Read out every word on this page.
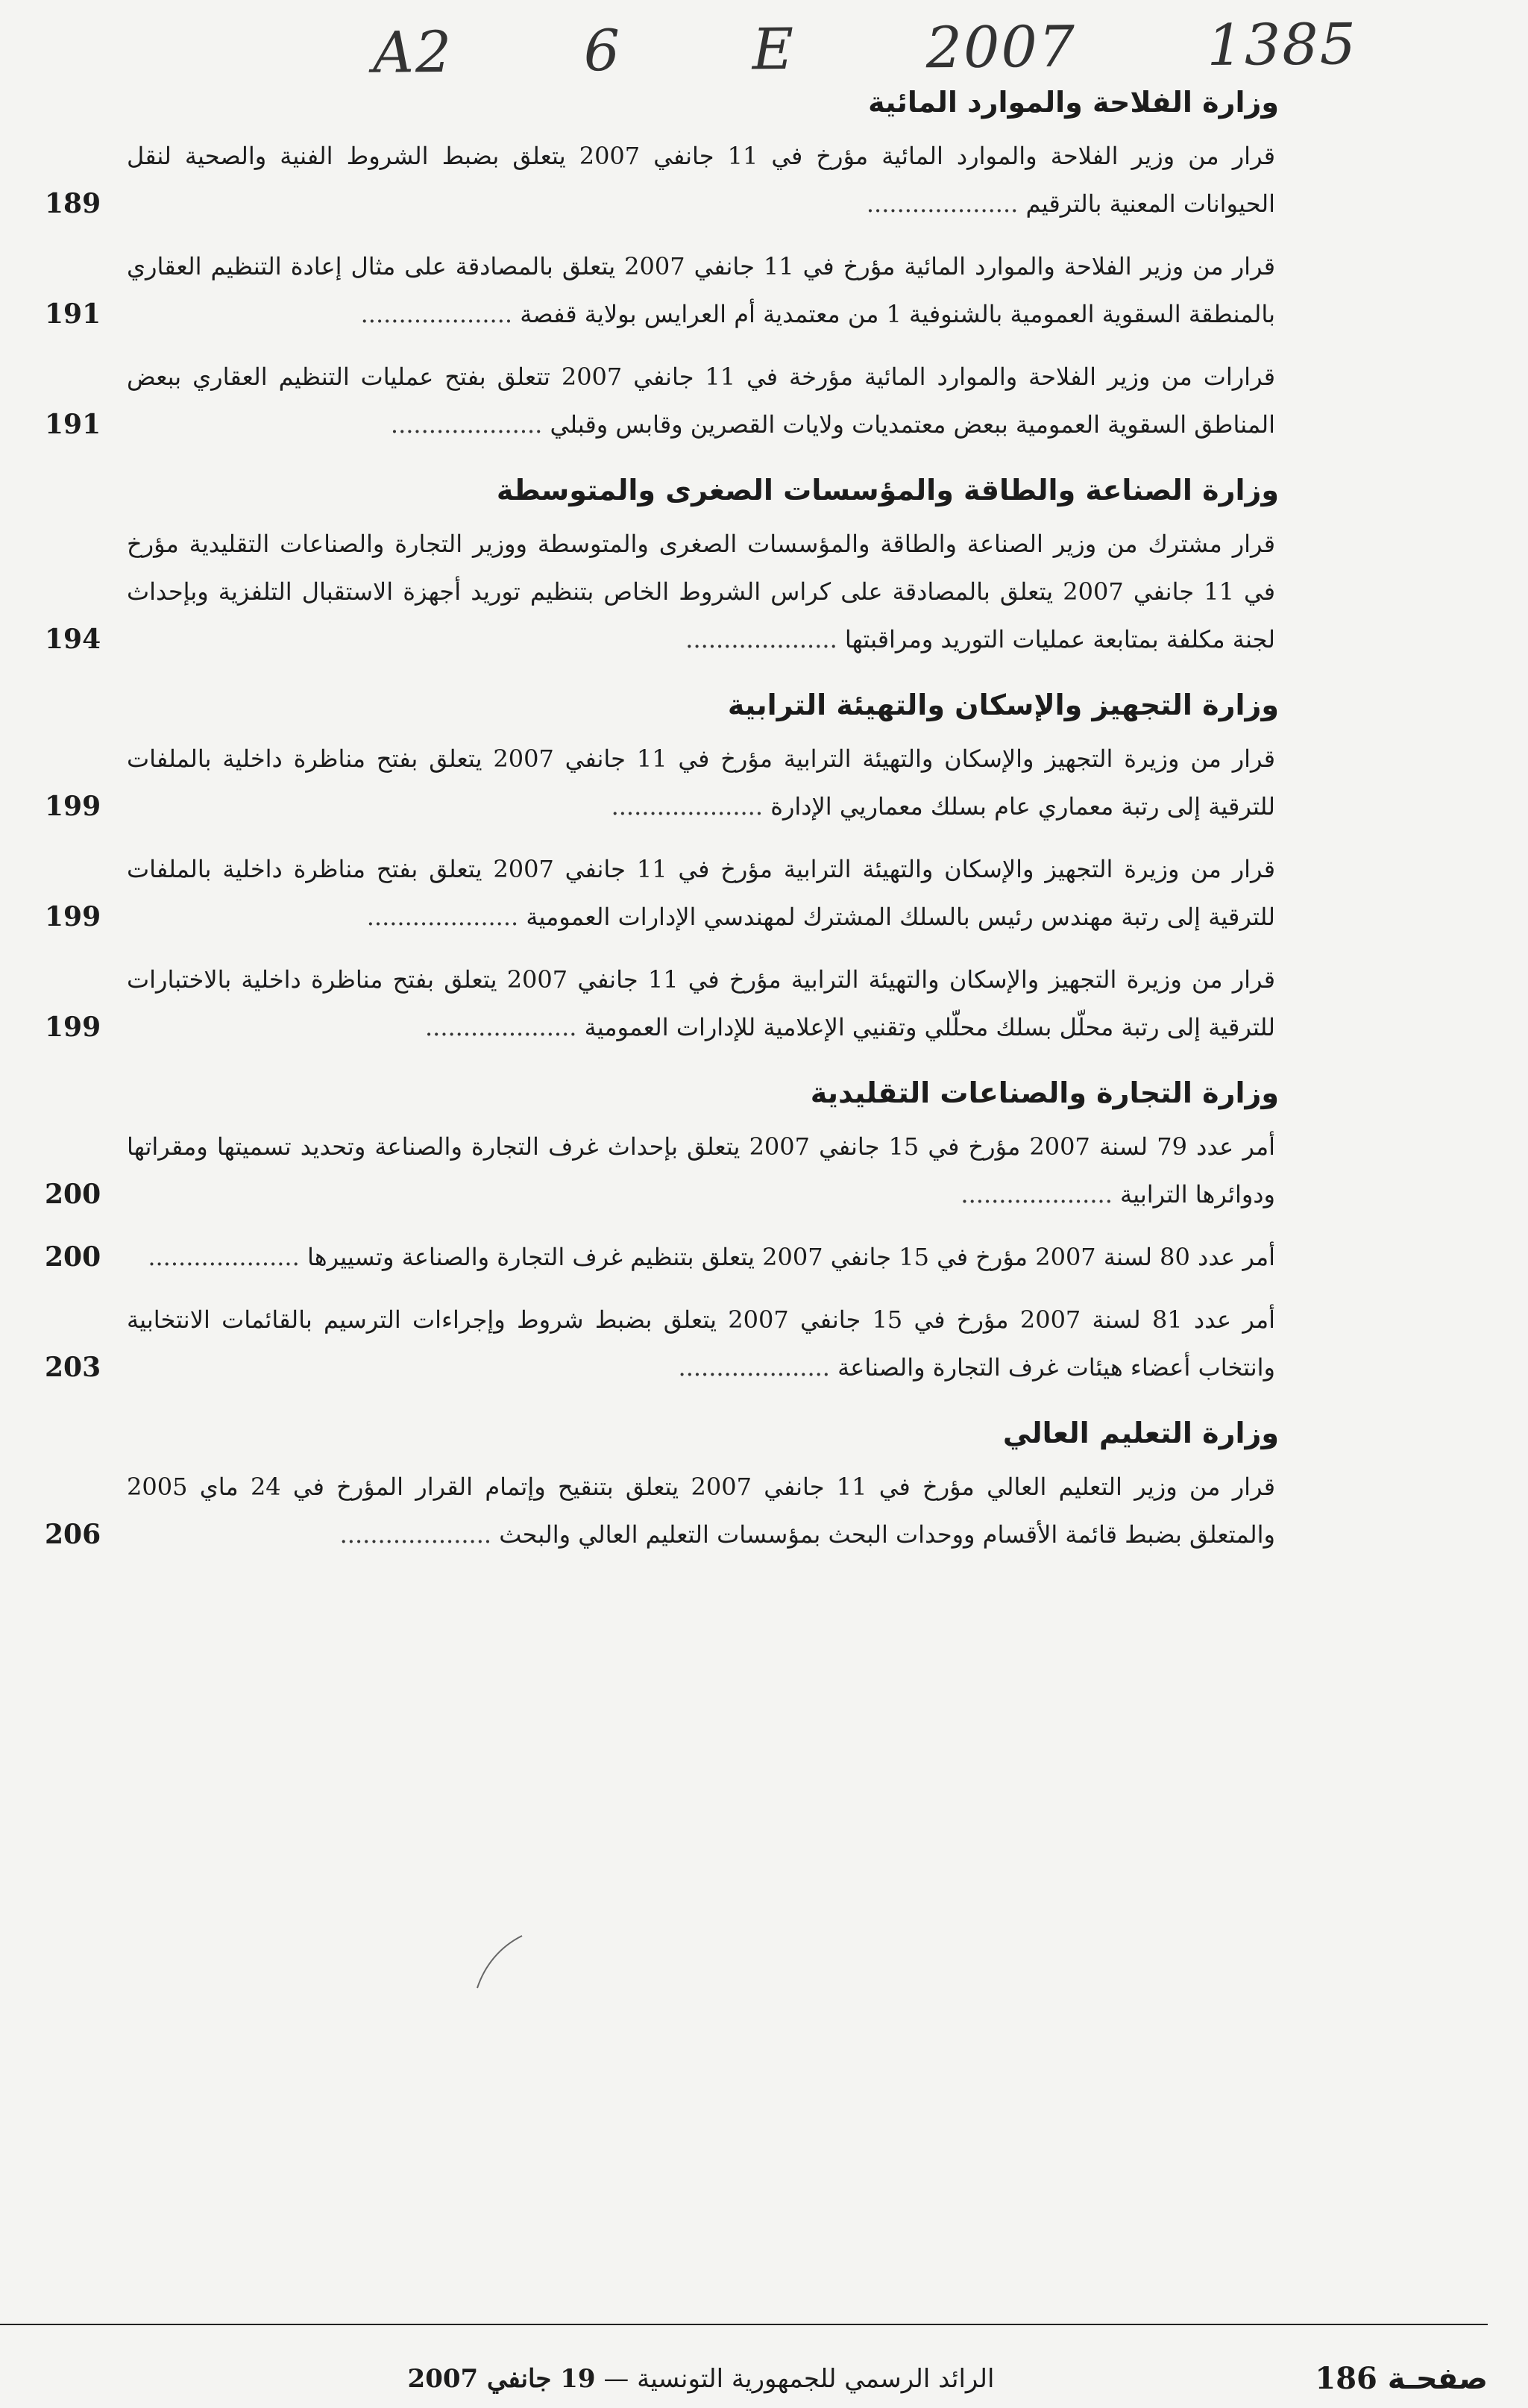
A2 6 E 2007 1385
وزارة الفلاحة والموارد المائية
قرار من وزير الفلاحة والموارد المائية مؤرخ في 11 جانفي 2007 يتعلق بضبط الشروط الفنية والصحية لنقل الحيوانات المعنية بالترقيم ....................
189
قرار من وزير الفلاحة والموارد المائية مؤرخ في 11 جانفي 2007 يتعلق بالمصادقة على مثال إعادة التنظيم العقاري بالمنطقة السقوية العمومية بالشنوفية 1 من معتمدية أم العرايس بولاية قفصة ....................
191
قرارات من وزير الفلاحة والموارد المائية مؤرخة في 11 جانفي 2007 تتعلق بفتح عمليات التنظيم العقاري ببعض المناطق السقوية العمومية ببعض معتمديات ولايات القصرين وقابس وقبلي ....................
191
وزارة الصناعة والطاقة والمؤسسات الصغرى والمتوسطة
قرار مشترك من وزير الصناعة والطاقة والمؤسسات الصغرى والمتوسطة ووزير التجارة والصناعات التقليدية مؤرخ في 11 جانفي 2007 يتعلق بالمصادقة على كراس الشروط الخاص بتنظيم توريد أجهزة الاستقبال التلفزية وبإحداث لجنة مكلفة بمتابعة عمليات التوريد ومراقبتها ....................
194
وزارة التجهيز والإسكان والتهيئة الترابية
قرار من وزيرة التجهيز والإسكان والتهيئة الترابية مؤرخ في 11 جانفي 2007 يتعلق بفتح مناظرة داخلية بالملفات للترقية إلى رتبة معماري عام بسلك معماريي الإدارة ....................
199
قرار من وزيرة التجهيز والإسكان والتهيئة الترابية مؤرخ في 11 جانفي 2007 يتعلق بفتح مناظرة داخلية بالملفات للترقية إلى رتبة مهندس رئيس بالسلك المشترك لمهندسي الإدارات العمومية ....................
199
قرار من وزيرة التجهيز والإسكان والتهيئة الترابية مؤرخ في 11 جانفي 2007 يتعلق بفتح مناظرة داخلية بالاختبارات للترقية إلى رتبة محلّل بسلك محلّلي وتقنيي الإعلامية للإدارات العمومية ....................
199
وزارة التجارة والصناعات التقليدية
أمر عدد 79 لسنة 2007 مؤرخ في 15 جانفي 2007 يتعلق بإحداث غرف التجارة والصناعة وتحديد تسميتها ومقراتها ودوائرها الترابية ....................
200
أمر عدد 80 لسنة 2007 مؤرخ في 15 جانفي 2007 يتعلق بتنظيم غرف التجارة والصناعة وتسييرها ....................
200
أمر عدد 81 لسنة 2007 مؤرخ في 15 جانفي 2007 يتعلق بضبط شروط وإجراءات الترسيم بالقائمات الانتخابية وانتخاب أعضاء هيئات غرف التجارة والصناعة ....................
203
وزارة التعليم العالي
قرار من وزير التعليم العالي مؤرخ في 11 جانفي 2007 يتعلق بتنقيح وإتمام القرار المؤرخ في 24 ماي 2005 والمتعلق بضبط قائمة الأقسام ووحدات البحث بمؤسسات التعليم العالي والبحث ....................
206
صفحـة 186
الرائد الرسمي للجمهورية التونسية — 19 جانفي 2007
